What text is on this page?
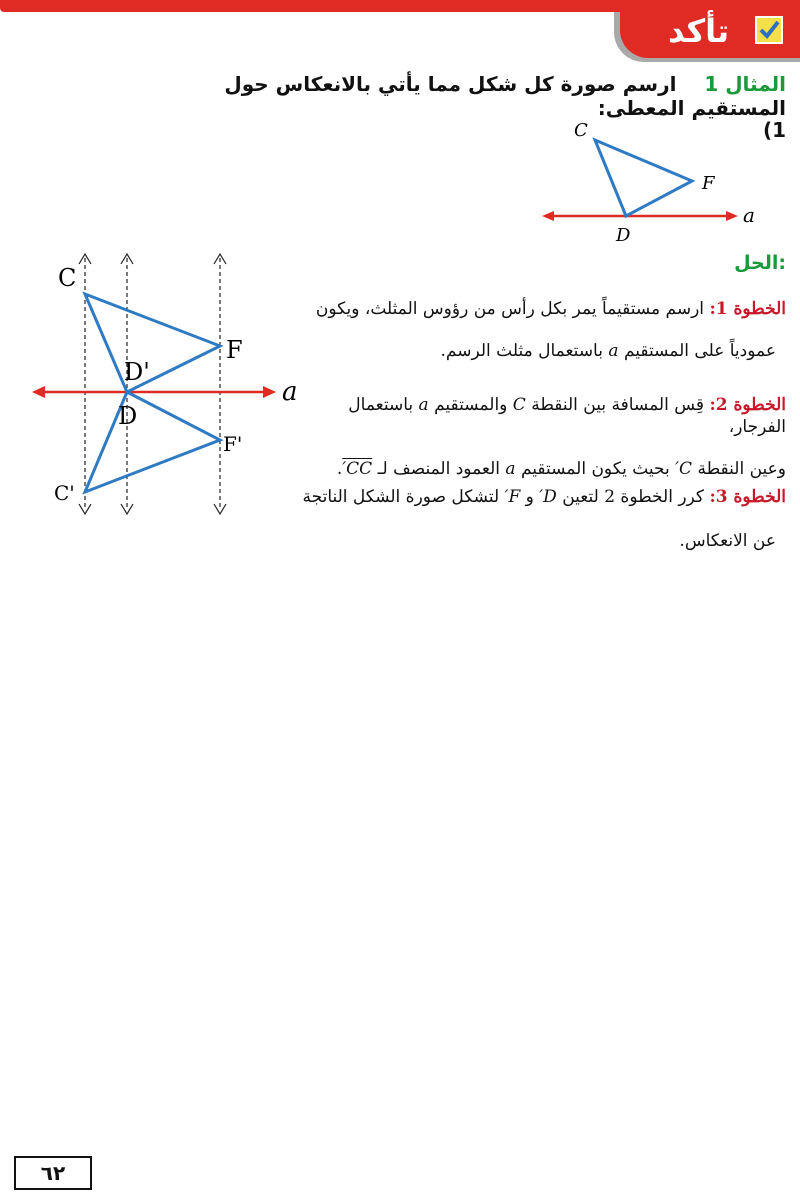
تأكد
المثال 1    ارسم صورة كل شكل مما يأتي بالانعكاس حول المستقيم المعطى:
(1
C
F
D
a
C
F
D'
D
F'
C'
a
الحل:
الخطوة 1: ارسم مستقيماً يمر بكل رأس من رؤوس المثلث، ويكون
عمودياً على المستقيم a باستعمال مثلث الرسم.
الخطوة 2: قِس المسافة بين النقطة C والمستقيم a باستعمال الفرجار،
وعين النقطة C′ بحيث يكون المستقيم a العمود المنصف لـ CC′.
الخطوة 3: كرر الخطوة 2 لتعين D′ و F′ لتشكل صورة الشكل الناتجة
عن الانعكاس.
٦٢
